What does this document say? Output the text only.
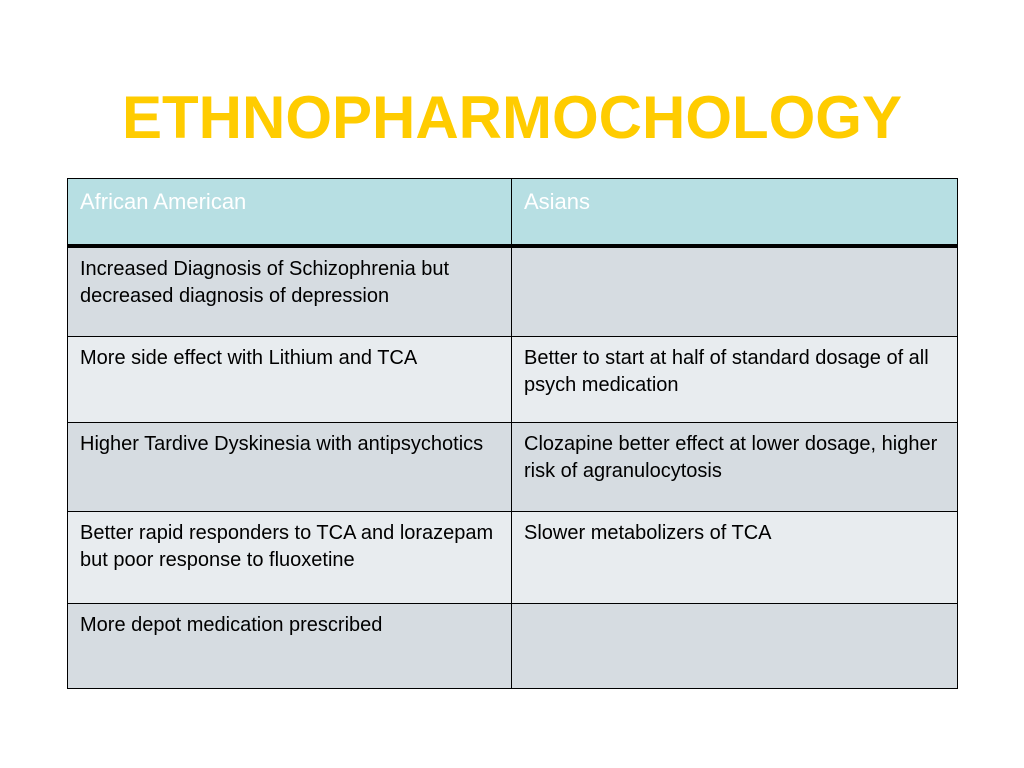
ETHNOPHARMOCHOLOGY
African American	Asians
Increased Diagnosis of Schizophrenia but decreased diagnosis of depression	
More side effect with Lithium and TCA	Better to start at half of standard dosage of all psych medication
Higher Tardive Dyskinesia with antipsychotics	Clozapine better effect at lower dosage, higher risk of agranulocytosis
Better rapid responders to TCA and lorazepam but poor response to fluoxetine	Slower metabolizers of TCA
More depot medication prescribed	
